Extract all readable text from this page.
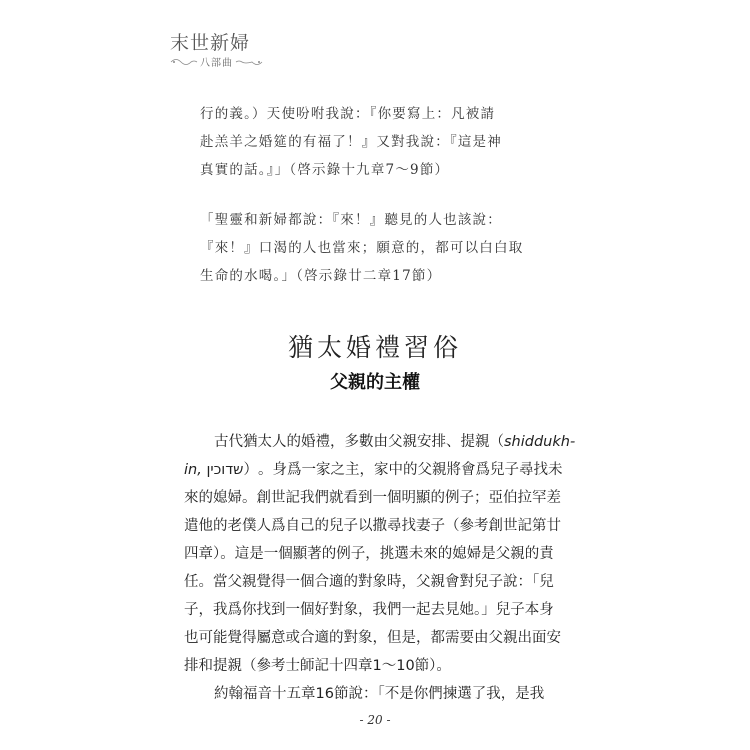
末世新婦
八部曲

行的義。）天使吩咐我說：『你要寫上：凡被請

赴羔羊之婚筵的有福了！』又對我說：『這是神

真實的話。』」（啓示錄十九章7～9節）

「聖靈和新婦都說：『來！』聽見的人也該說：

『來！』口渴的人也當來；願意的，都可以白白取

生命的水喝。」（啓示錄廿二章17節）

猶太婚禮習俗
父親的主權
古代猶太人的婚禮，多數由父親安排、提親（shiddukh-
in, שדוכין）。身爲一家之主，家中的父親將會爲兒子尋找未
來的媳婦。創世記我們就看到一個明顯的例子；亞伯拉罕差
遣他的老僕人爲自己的兒子以撒尋找妻子（參考創世記第廿
四章）。這是一個顯著的例子，挑選未來的媳婦是父親的責
任。當父親覺得一個合適的對象時，父親會對兒子說：「兒
子，我爲你找到一個好對象，我們一起去見她。」兒子本身
也可能覺得屬意或合適的對象，但是，都需要由父親出面安
排和提親（參考士師記十四章1～10節）。
約翰福音十五章16節說：「不是你們揀選了我，是我
- 20 -
